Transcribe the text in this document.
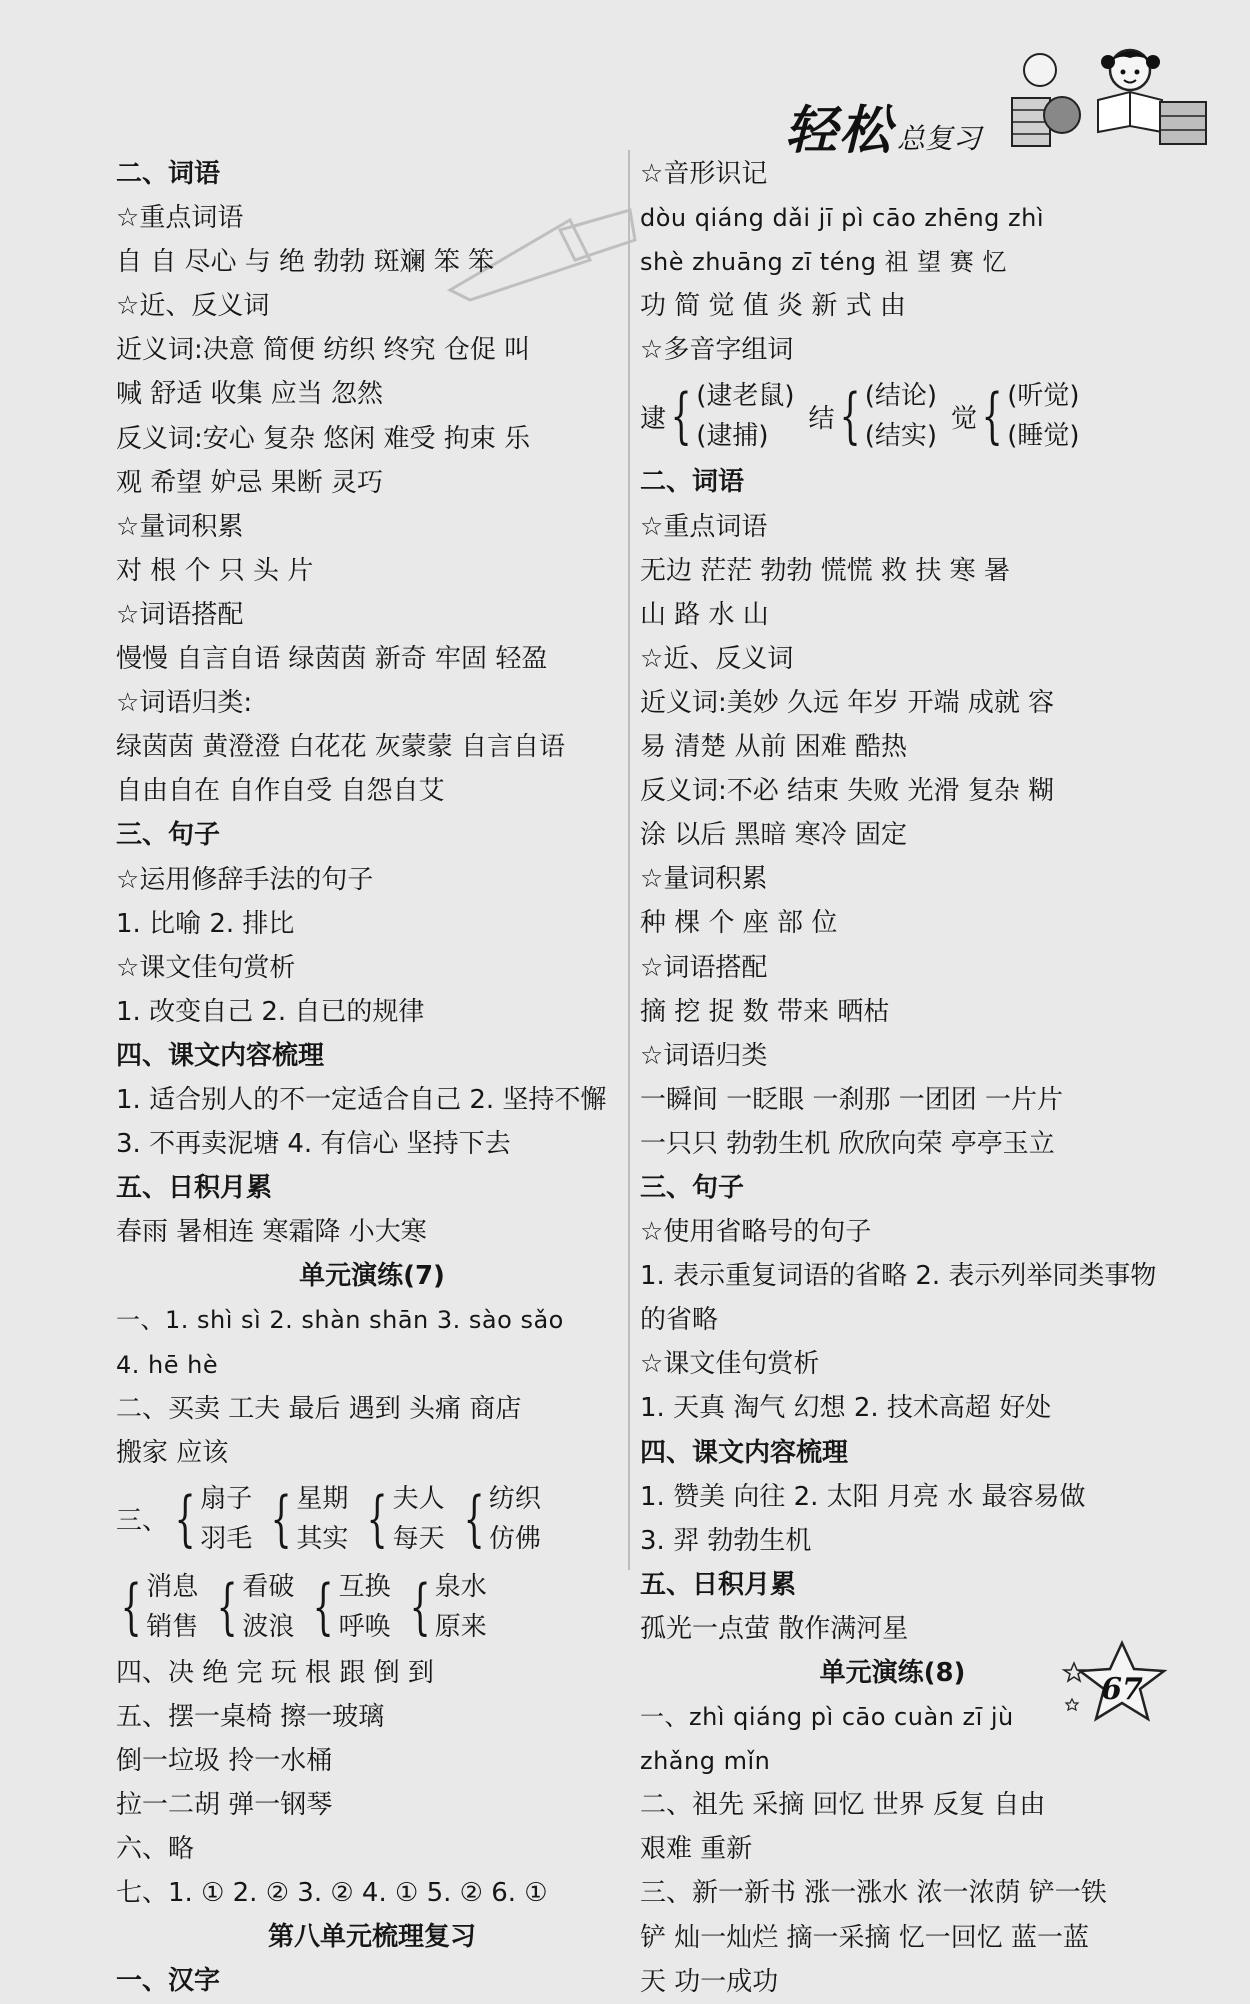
轻松 总复习
二、词语
☆ 重点词语
自 自 尽心 与 绝 勃勃 斑斓 笨 笨
☆ 近、反义词
近义词:决意 简便 纺织 终究 仓促 叫
喊 舒适 收集 应当 忽然
反义词:安心 复杂 悠闲 难受 拘束 乐
观 希望 妒忌 果断 灵巧
☆ 量词积累
对 根 个 只 头 片
☆ 词语搭配
慢慢 自言自语 绿茵茵 新奇 牢固 轻盈
☆ 词语归类:
绿茵茵 黄澄澄 白花花 灰蒙蒙 自言自语
自由自在 自作自受 自怨自艾
三、句子
☆ 运用修辞手法的句子
1. 比喻 2. 排比
☆ 课文佳句赏析
1. 改变自己 2. 自已的规律
四、课文内容梳理
1. 适合别人的不一定适合自己 2. 坚持不懈
3. 不再卖泥塘 4. 有信心 坚持下去
五、日积月累
春雨 暑相连 寒霜降 小大寒
单元演练(7)
一、1. shì sì 2. shàn shān 3. sào sǎo
4. hē hè
二、买卖 工夫 最后 遇到 头痛 商店
搬家 应该
三、 { 扇子
羽毛 { 星期
其实 { 夫人
每天 { 纺织
仿佛
{ 消息
销售 { 看破
波浪 { 互换
呼唤 { 泉水
原来
四、决 绝 完 玩 根 跟 倒 到
五、摆一桌椅 擦一玻璃
倒一垃圾 拎一水桶
拉一二胡 弹一钢琴
六、略
七、1. ① 2. ② 3. ② 4. ① 5. ② 6. ①
第八单元梳理复习
一、汉字
☆ 音形识记
dòu qiáng dǎi jī pì cāo zhēng zhì
shè zhuāng zī téng 祖 望 赛 忆
功 简 觉 值 炎 新 式 由
☆ 多音字组词
逮 { (逮老鼠)
(逮捕)
结 { (结论)
(结实)
觉 { (听觉)
(睡觉)
二、词语
☆ 重点词语
无边 茫茫 勃勃 慌慌 救 扶 寒 暑
山 路 水 山
☆ 近、反义词
近义词:美妙 久远 年岁 开端 成就 容
易 清楚 从前 困难 酷热
反义词:不必 结束 失败 光滑 复杂 糊
涂 以后 黑暗 寒冷 固定
☆ 量词积累
种 棵 个 座 部 位
☆ 词语搭配
摘 挖 捉 数 带来 晒枯
☆ 词语归类
一瞬间 一眨眼 一刹那 一团团 一片片
一只只 勃勃生机 欣欣向荣 亭亭玉立
三、句子
☆ 使用省略号的句子
1. 表示重复词语的省略 2. 表示列举同类事物
的省略
☆ 课文佳句赏析
1. 天真 淘气 幻想 2. 技术高超 好处
四、课文内容梳理
1. 赞美 向往 2. 太阳 月亮 水 最容易做
3. 羿 勃勃生机
五、日积月累
孤光一点萤 散作满河星
单元演练(8)
一、zhì qiáng pì cāo cuàn zī jù
zhǎng mǐn
二、祖先 采摘 回忆 世界 反复 自由
艰难 重新
三、新一新书 涨一涨水 浓一浓荫 铲一铁
铲 灿一灿烂 摘一采摘 忆一回忆 蓝一蓝
天 功一成功
67
